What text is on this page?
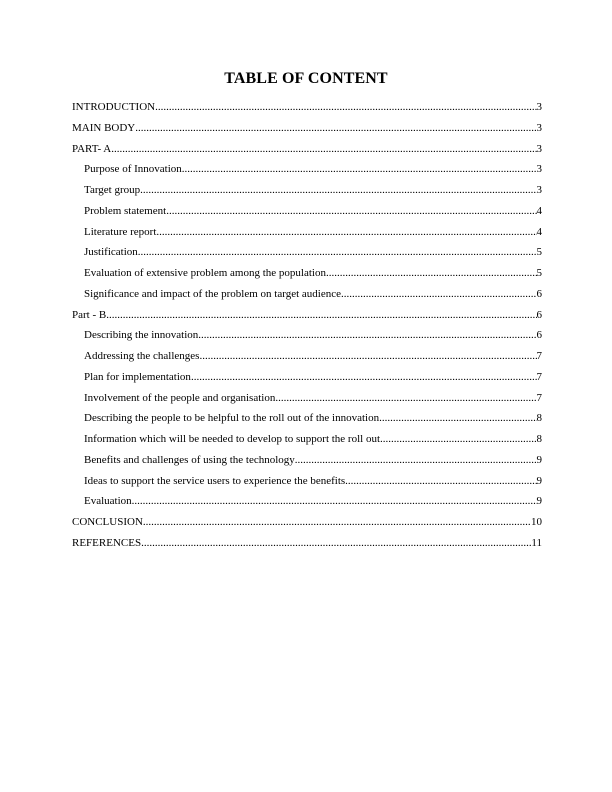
TABLE OF CONTENT
INTRODUCTION .....	3
MAIN BODY .....	3
PART- A .....	3
Purpose of Innovation .....	3
Target group .....	3
Problem statement .....	4
Literature report .....	4
Justification .....	5
Evaluation of extensive problem among the population .....	5
Significance and impact of the problem on target audience .....	6
Part - B .....	6
Describing the innovation .....	6
Addressing the challenges .....	7
Plan for implementation .....	7
Involvement of the people and organisation .....	7
Describing the people to be helpful to the roll out of the innovation .....	8
Information which will be needed to develop to support the roll out .....	8
Benefits and challenges of using the technology .....	9
Ideas to support the service users to experience the benefits .....	9
Evaluation .....	9
CONCLUSION .....	10
REFERENCES .....	11
